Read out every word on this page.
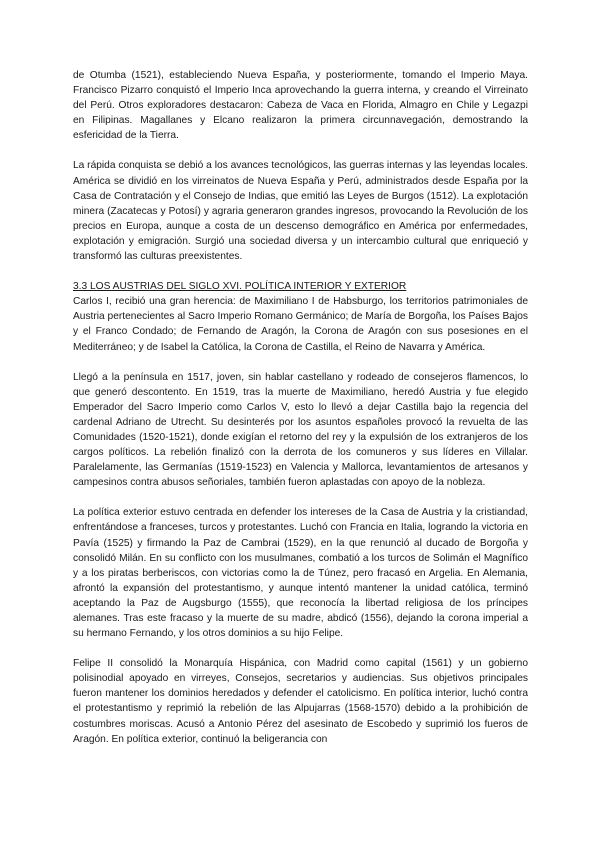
de Otumba (1521), estableciendo Nueva España, y posteriormente, tomando el Imperio Maya. Francisco Pizarro conquistó el Imperio Inca aprovechando la guerra interna, y creando el Virreinato del Perú. Otros exploradores destacaron: Cabeza de Vaca en Florida, Almagro en Chile y Legazpi en Filipinas. Magallanes y Elcano realizaron la primera circunnavegación, demostrando la esfericidad de la Tierra.

La rápida conquista se debió a los avances tecnológicos, las guerras internas y las leyendas locales. América se dividió en los virreinatos de Nueva España y Perú, administrados desde España por la Casa de Contratación y el Consejo de Indias, que emitió las Leyes de Burgos (1512). La explotación minera (Zacatecas y Potosí) y agraria generaron grandes ingresos, provocando la Revolución de los precios en Europa, aunque a costa de un descenso demográfico en América por enfermedades, explotación y emigración. Surgió una sociedad diversa y un intercambio cultural que enriqueció y transformó las culturas preexistentes.

3.3 LOS AUSTRIAS DEL SIGLO XVI. POLÍTICA INTERIOR Y EXTERIOR

Carlos I, recibió una gran herencia: de Maximiliano I de Habsburgo, los territorios patrimoniales de Austria pertenecientes al Sacro Imperio Romano Germánico; de María de Borgoña, los Países Bajos y el Franco Condado; de Fernando de Aragón, la Corona de Aragón con sus posesiones en el Mediterráneo; y de Isabel la Católica, la Corona de Castilla, el Reino de Navarra y América.

Llegó a la península en 1517, joven, sin hablar castellano y rodeado de consejeros flamencos, lo que generó descontento. En 1519, tras la muerte de Maximiliano, heredó Austria y fue elegido Emperador del Sacro Imperio como Carlos V, esto lo llevó a dejar Castilla bajo la regencia del cardenal Adriano de Utrecht. Su desinterés por los asuntos españoles provocó la revuelta de las Comunidades (1520-1521), donde exigían el retorno del rey y la expulsión de los extranjeros de los cargos políticos. La rebelión finalizó con la derrota de los comuneros y sus líderes en Villalar. Paralelamente, las Germanías (1519-1523) en Valencia y Mallorca, levantamientos de artesanos y campesinos contra abusos señoriales, también fueron aplastadas con apoyo de la nobleza.

La política exterior estuvo centrada en defender los intereses de la Casa de Austria y la cristiandad, enfrentándose a franceses, turcos y protestantes. Luchó con Francia en Italia, logrando la victoria en Pavía (1525) y firmando la Paz de Cambrai (1529), en la que renunció al ducado de Borgoña y consolidó Milán. En su conflicto con los musulmanes, combatió a los turcos de Solimán el Magnífico y a los piratas berberiscos, con victorias como la de Túnez, pero fracasó en Argelia. En Alemania, afrontó la expansión del protestantismo, y aunque intentó mantener la unidad católica, terminó aceptando la Paz de Augsburgo (1555), que reconocía la libertad religiosa de los príncipes alemanes. Tras este fracaso y la muerte de su madre, abdicó (1556), dejando la corona imperial a su hermano Fernando, y los otros dominios a su hijo Felipe.

Felipe II consolidó la Monarquía Hispánica, con Madrid como capital (1561) y un gobierno polisinodial apoyado en virreyes, Consejos, secretarios y audiencias. Sus objetivos principales fueron mantener los dominios heredados y defender el catolicismo. En política interior, luchó contra el protestantismo y reprimió la rebelión de las Alpujarras (1568-1570) debido a la prohibición de costumbres moriscas. Acusó a Antonio Pérez del asesinato de Escobedo y suprimió los fueros de Aragón. En política exterior, continuó la beligerancia con
